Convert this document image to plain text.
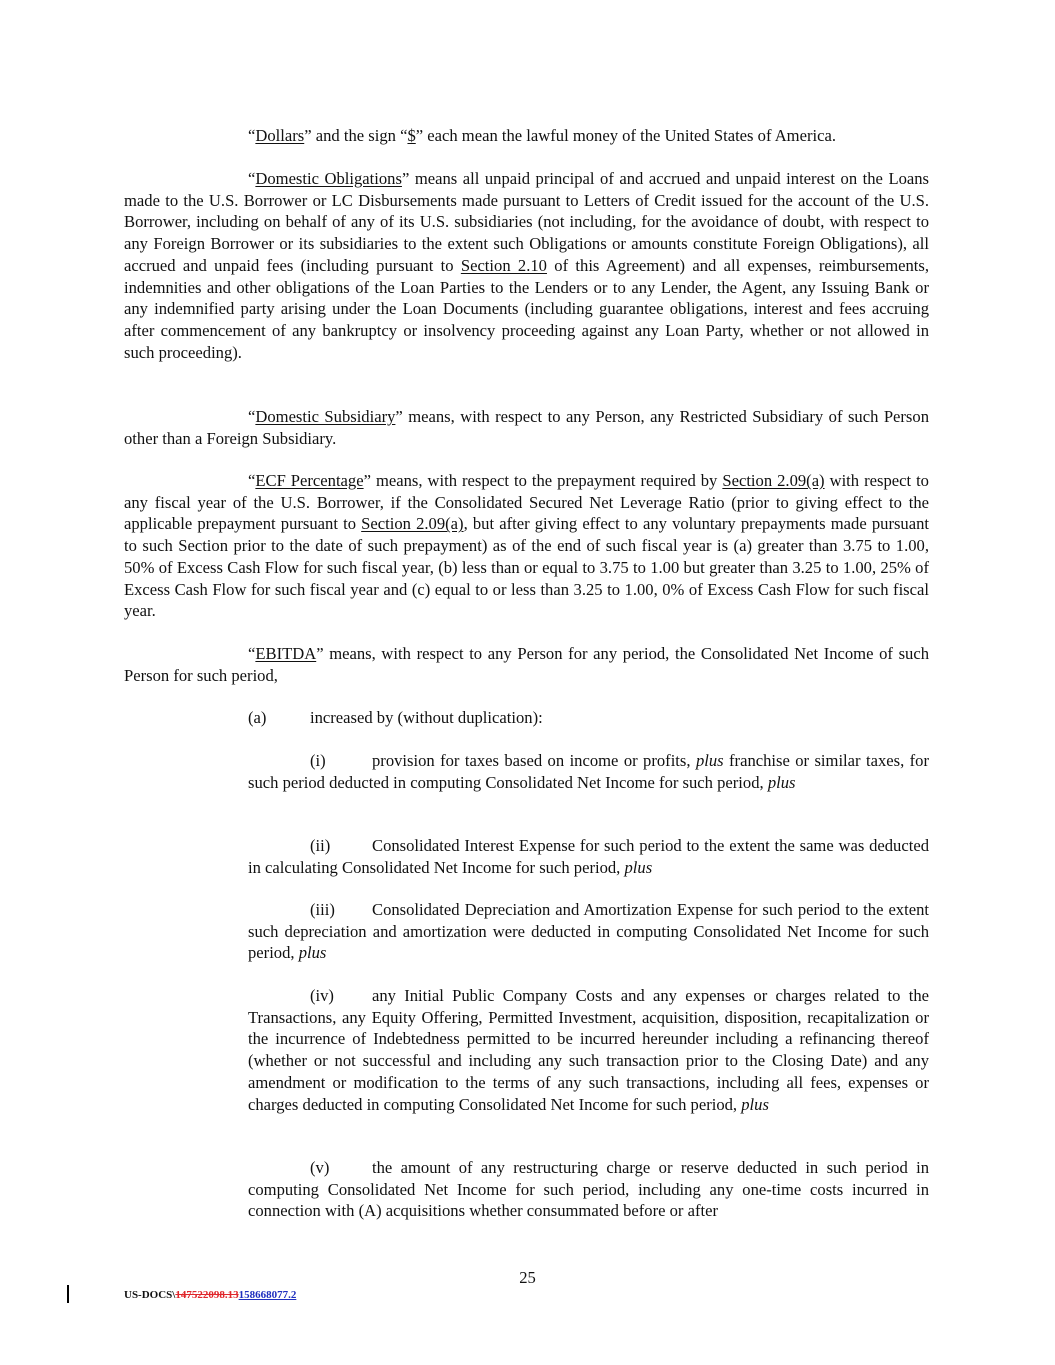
“Dollars” and the sign “$” each mean the lawful money of the United States of America.

“Domestic Obligations” means all unpaid principal of and accrued and unpaid interest on the Loans made to the U.S. Borrower or LC Disbursements made pursuant to Letters of Credit issued for the account of the U.S. Borrower, including on behalf of any of its U.S. subsidiaries (not including, for the avoidance of doubt, with respect to any Foreign Borrower or its subsidiaries to the extent such Obligations or amounts constitute Foreign Obligations), all accrued and unpaid fees (including pursuant to Section 2.10 of this Agreement) and all expenses, reimbursements, indemnities and other obligations of the Loan Parties to the Lenders or to any Lender, the Agent, any Issuing Bank or any indemnified party arising under the Loan Documents (including guarantee obligations, interest and fees accruing after commencement of any bankruptcy or insolvency proceeding against any Loan Party, whether or not allowed in such proceeding).

“Domestic Subsidiary” means, with respect to any Person, any Restricted Subsidiary of such Person other than a Foreign Subsidiary.

“ECF Percentage” means, with respect to the prepayment required by Section 2.09(a) with respect to any fiscal year of the U.S. Borrower, if the Consolidated Secured Net Leverage Ratio (prior to giving effect to the applicable prepayment pursuant to Section 2.09(a), but after giving effect to any voluntary prepayments made pursuant to such Section prior to the date of such prepayment) as of the end of such fiscal year is (a) greater than 3.75 to 1.00, 50% of Excess Cash Flow for such fiscal year, (b) less than or equal to 3.75 to 1.00 but greater than 3.25 to 1.00, 25% of Excess Cash Flow for such fiscal year and (c) equal to or less than 3.25 to 1.00, 0% of Excess Cash Flow for such fiscal year.

“EBITDA” means, with respect to any Person for any period, the Consolidated Net Income of such Person for such period,

(a)	increased by (without duplication):

(i)	provision for taxes based on income or profits, plus franchise or similar taxes, for such period deducted in computing Consolidated Net Income for such period, plus

(ii)	Consolidated Interest Expense for such period to the extent the same was deducted in calculating Consolidated Net Income for such period, plus

(iii) Consolidated Depreciation and Amortization Expense for such period to the extent such depreciation and amortization were deducted in computing Consolidated Net Income for such period, plus

(iv) any Initial Public Company Costs and any expenses or charges related to the Transactions, any Equity Offering, Permitted Investment, acquisition, disposition, recapitalization or the incurrence of Indebtedness permitted to be incurred hereunder including a refinancing thereof (whether or not successful and including any such transaction prior to the Closing Date) and any amendment or modification to the terms of any such transactions, including all fees, expenses or charges deducted in computing Consolidated Net Income for such period, plus

(v)	the amount of any restructuring charge or reserve deducted in such period in computing Consolidated Net Income for such period, including any one-time costs incurred in connection with (A) acquisitions whether consummated before or after

25
US-DOCS\147522098.13158668077.2
